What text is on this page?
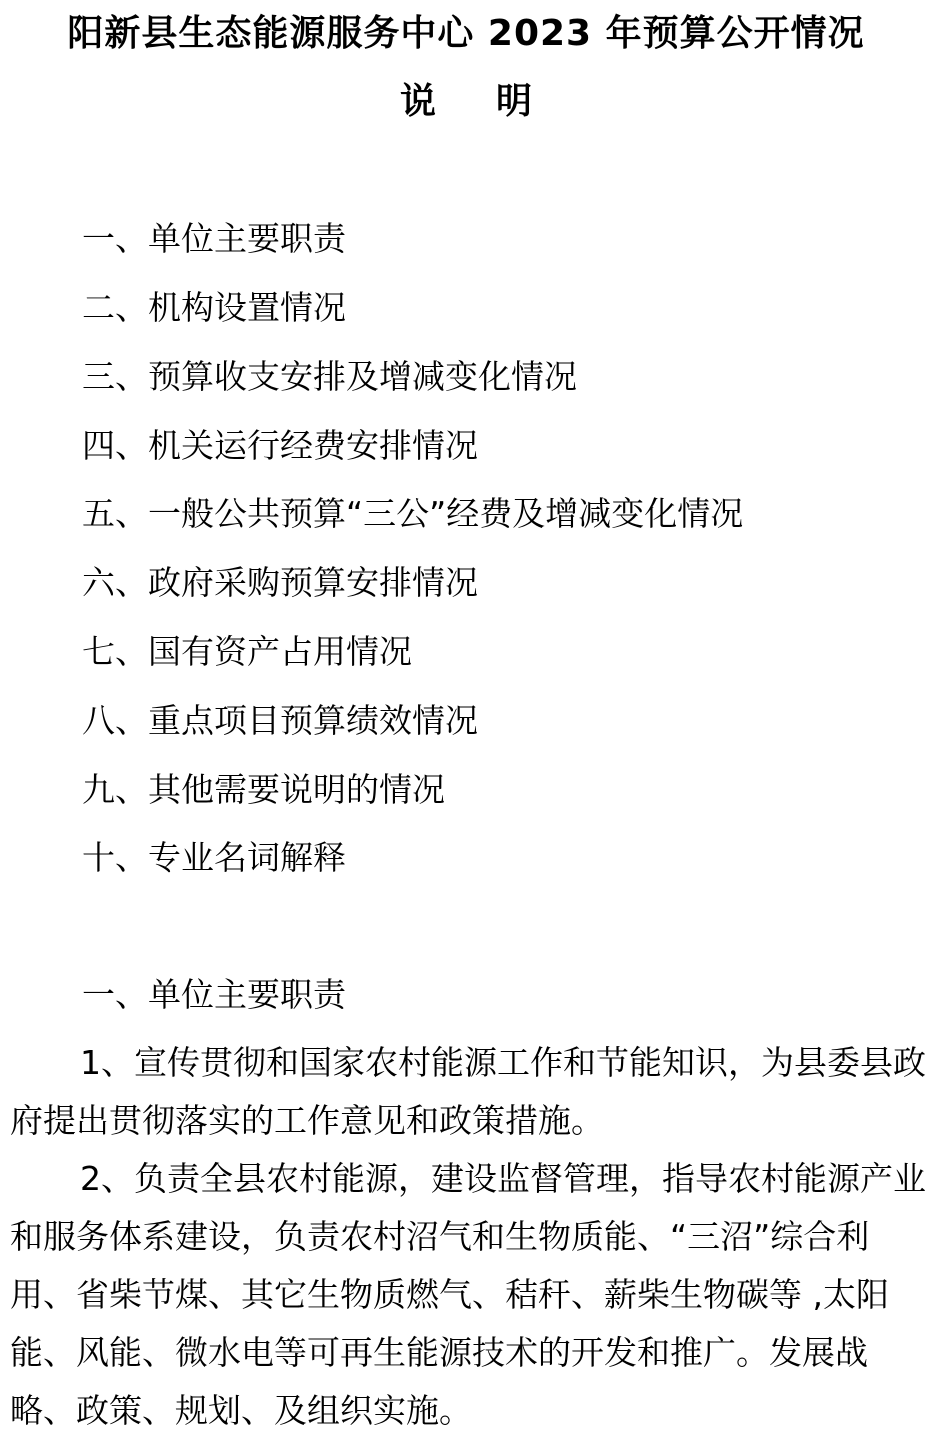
阳新县生态能源服务中心 2023 年预算公开情况
说明
一、单位主要职责
二、机构设置情况
三、预算收支安排及增减变化情况
四、机关运行经费安排情况
五、一般公共预算“三公”经费及增减变化情况
六、政府采购预算安排情况
七、国有资产占用情况
八、重点项目预算绩效情况
九、其他需要说明的情况
十、专业名词解释
一、单位主要职责

1、宣传贯彻和国家农村能源工作和节能知识，为县委县政府提出贯彻落实的工作意见和政策措施。

2、负责全县农村能源，建设监督管理，指导农村能源产业和服务体系建设，负责农村沼气和生物质能、“三沼”综合利用、省柴节煤、其它生物质燃气、秸秆、薪柴生物碳等 ,太阳能、风能、微水电等可再生能源技术的开发和推广。发展战略、政策、规划、及组织实施。
